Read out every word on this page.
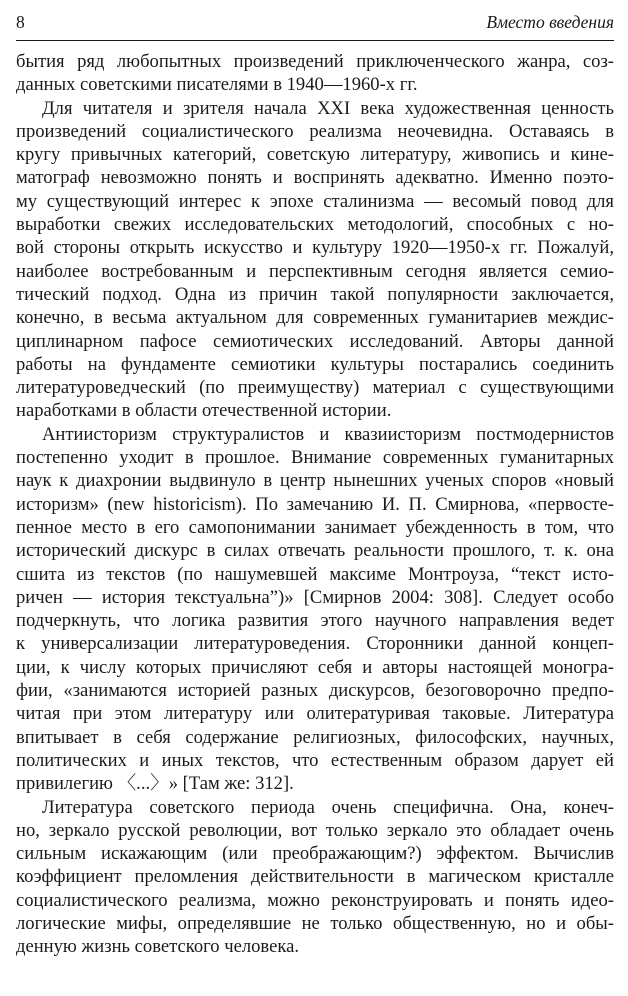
8	Вместо введения
бытия ряд любопытных произведений приключенческого жанра, соз-
данных советскими писателями в 1940—1960-х гг.
Для читателя и зрителя начала XXI века художественная ценность
произведений социалистического реализма неочевидна. Оставаясь в
кругу привычных категорий, советскую литературу, живопись и кине-
матограф невозможно понять и воспринять адекватно. Именно поэто-
му существующий интерес к эпохе сталинизма — весомый повод для
выработки свежих исследовательских методологий, способных с но-
вой стороны открыть искусство и культуру 1920—1950-х гг. Пожалуй,
наиболее востребованным и перспективным сегодня является семио-
тический подход. Одна из причин такой популярности заключается,
конечно, в весьма актуальном для современных гуманитариев междис-
циплинарном пафосе семиотических исследований. Авторы данной
работы на фундаменте семиотики культуры постарались соединить
литературоведческий (по преимуществу) материал с существующими
наработками в области отечественной истории.
Антиисторизм структуралистов и квазиисторизм постмодернистов
постепенно уходит в прошлое. Внимание современных гуманитарных
наук к диахронии выдвинуло в центр нынешних ученых споров «новый
историзм» (new historicism). По замечанию И. П. Смирнова, «первосте-
пенное место в его самопонимании занимает убежденность в том, что
исторический дискурс в силах отвечать реальности прошлого, т. к. она
сшита из текстов (по нашумевшей максиме Монтроуза, “текст исто-
ричен — история текстуальна”)» [Смирнов 2004: 308]. Следует особо
подчеркнуть, что логика развития этого научного направления ведет
к универсализации литературоведения. Сторонники данной концеп-
ции, к числу которых причисляют себя и авторы настоящей моногра-
фии, «занимаются историей разных дискурсов, безоговорочно предпо-
читая при этом литературу или олитературивая таковые. Литература
впитывает в себя содержание религиозных, философских, научных,
политических и иных текстов, что естественным образом дарует ей
привилегию 〈...〉» [Там же: 312].
Литература советского периода очень специфична. Она, конеч-
но, зеркало русской революции, вот только зеркало это обладает очень
сильным искажающим (или преображающим?) эффектом. Вычислив
коэффициент преломления действительности в магическом кристалле
социалистического реализма, можно реконструировать и понять идео-
логические мифы, определявшие не только общественную, но и обы-
денную жизнь советского человека.
